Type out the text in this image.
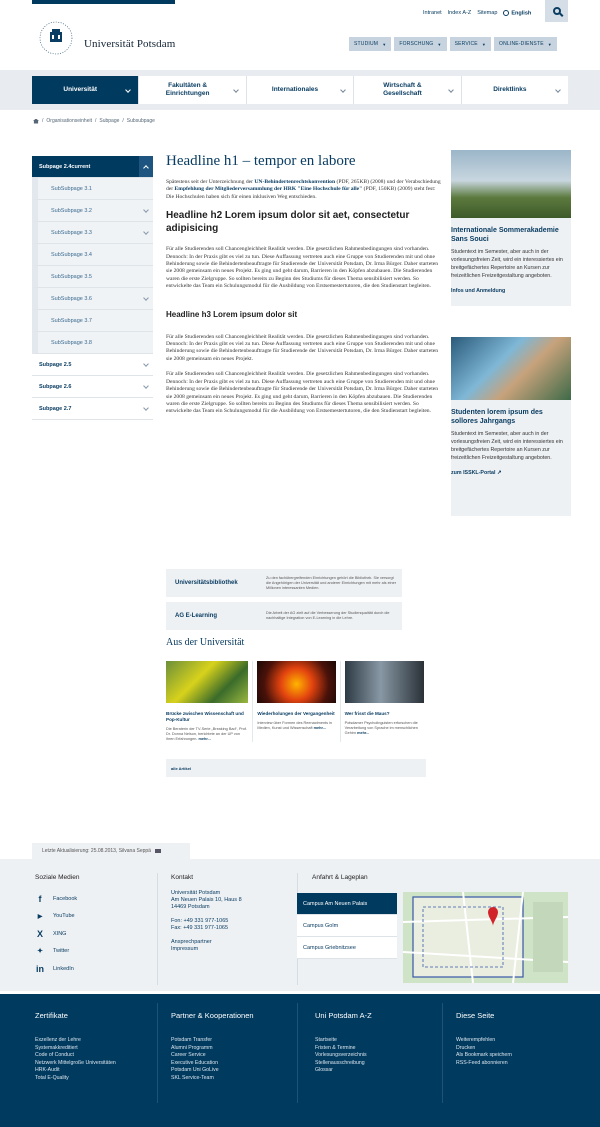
Intranet Index A-Z Sitemap	English
Universität Potsdam	STUDIUM ▼	FORSCHUNG ▼	SERVICE ▼	ONLINE-DIENSTE ▼
Universität
Fakultäten & Einrichtungen
Internationales
Wirtschaft & Gesellschaft
Direktlinks
/ Organisationseinheit / Subpage / Subsubpage
Subpage 2.4current
SubSubpage 3.1
SubSubpage 3.2
SubSubpage 3.3
SubSubpage 3.4
SubSubpage 3.5
SubSubpage 3.6
SubSubpage 3.7
SubSubpage 3.8
Subpage 2.5
Subpage 2.6
Subpage 2.7
Headline h1 – tempor en labore

Spätestens seit der Unterzeichnung der UN-Behindertenrechtskonvention (PDF, 265KB) (2008) und der Verabschiedung der Empfehlung der Mitgliederversammlung der HRK "Eine Hochschule für alle" (PDF, 150KB) (2009) steht fest: Die Hochschulen haben sich für einen inklusiven Weg entschieden.

Headline h2 Lorem ipsum dolor sit aet, consectetur adipisicing

Für alle Studierenden soll Chancengleichheit Realität werden. Die gesetzlichen Rahmenbedingungen sind vorhanden. Dennoch: In der Praxis gibt es viel zu tun. Diese Auffassung vertreten auch eine Gruppe von Studierenden mit und ohne Behinderung sowie die Behindertenbeauftragte für Studierende der Universität Potsdam, Dr. Irma Bürger. Daher starteten sie 2008 gemeinsam ein neues Projekt. Es ging und geht darum, Barrieren in den Köpfen abzubauen. Die Studierenden waren die erste Zielgruppe. So sollten bereits zu Beginn des Studiums für dieses Thema sensibilisiert werden. So entwickelte das Team ein Schulungsmodul für die Ausbildung von Erstsemestertutoren, die den Studienstart begleiten.

Headline h3 Lorem ipsum dolor sit

Für alle Studierenden soll Chancengleichheit Realität werden. Die gesetzlichen Rahmenbedingungen sind vorhanden. Dennoch: In der Praxis gibt es viel zu tun. Diese Auffassung vertreten auch eine Gruppe von Studierenden mit und ohne Behinderung sowie die Behindertenbeauftragte für Studierende der Universität Potsdam, Dr. Irma Bürger. Daher starteten sie 2008 gemeinsam ein neues Projekt.

Für alle Studierenden soll Chancengleichheit Realität werden. Die gesetzlichen Rahmenbedingungen sind vorhanden. Dennoch: In der Praxis gibt es viel zu tun. Diese Auffassung vertreten auch eine Gruppe von Studierenden mit und ohne Behinderung sowie die Behindertenbeauftragte für Studierende der Universität Potsdam, Dr. Irma Bürger. Daher starteten sie 2008 gemeinsam ein neues Projekt. Es ging und geht darum, Barrieren in den Köpfen abzubauen. Die Studierenden waren die erste Zielgruppe. So sollten bereits zu Beginn des Studiums für dieses Thema sensibilisiert werden. So entwickelte das Team ein Schulungsmodul für die Ausbildung von Erstsemestertutoren, die den Studienstart begleiten.

Universitätsbibliothek
Zu den fachübergreifenden Einrichtungen gehört die Bibliothek. Sie versorgt die Angehörigen der Universität und anderer Einrichtungen mit mehr als einer Millionen interessanten Medien.
AG E-Learning	Die Arbeit der AG zielt auf die Verbesserung der Studienqualität durch die nachhaltige Integration von E-Learning in die Lehre.
Aus der Universität
Brücke zwischen Wissenschaft und Pop-Kultur
Die Beraterin der TV-Serie „Breaking Bad“, Prof. Dr. Donna Nelson, berichtete an der UP von ihren Erfahrungen. mehr...
Wiederholungen der Vergangenheit
Interview über Formen des Reenactments in Medien, Kunst und Wissenschaft mehr...
Wer frisst die Maus?
Potsdamer Psycholinguisten erforschen die Verarbeitung von Sprache im menschlichen Gehirn mehr...
alle Artikel
Internationale Sommerakademie Sans Souci
Studentext im Semester, aber auch in der vorlesungsfreien Zeit, wird ein interessiertes ein breitgefächertes Repertoire an Kursen zur freizeitlichen Freizeitgestaltung angeboten.
Infos und Anmeldung
Studenten lorem ipsum des sollores Jahrgangs
Studentext im Semester, aber auch in der vorlesungsfreien Zeit, wird ein interessiertes ein breitgefächertes Repertoire an Kursen zur freizeitlichen Freizeitgestaltung angeboten.
zum ISSKL-Portal ↗
Letzte Aktualisierung: 25.08.2013, Silvana Seppä
Soziale Medien
f	Facebook
▶	YouTube
X	XING
✦	Twitter
in LinkedIn
Kontakt
Universität Potsdam
Am Neuen Palais 10, Haus 8
14469 Potsdam
Fon: +49 331 977-1065
Fax: +49 331 977-1065
Ansprechpartner
Impressum
Anfahrt & Lageplan
Campus Am Neuen Palais
Campus Golm
Campus Griebnitzsee
Zertifikate
Exzellenz der Lehre
Systemakkreditiert
Code of Conduct
Netzwerk Mittelgroße Universitäten
HRK-Audit
Total E-Quality
Partner & Kooperationen
Potsdam Transfer
Alumni Programm
Career Service
Executive Education
Potsdam Uni GoLive
SKL Service-Team
Uni Potsdam A-Z
Startseite
Fristen & Termine
Vorlesungsverzeichnis
Stellenausschreibung
Glossar
Diese Seite
Weiterempfehlen
Drucken
Als Bookmark speichern
RSS-Feed abonnieren
